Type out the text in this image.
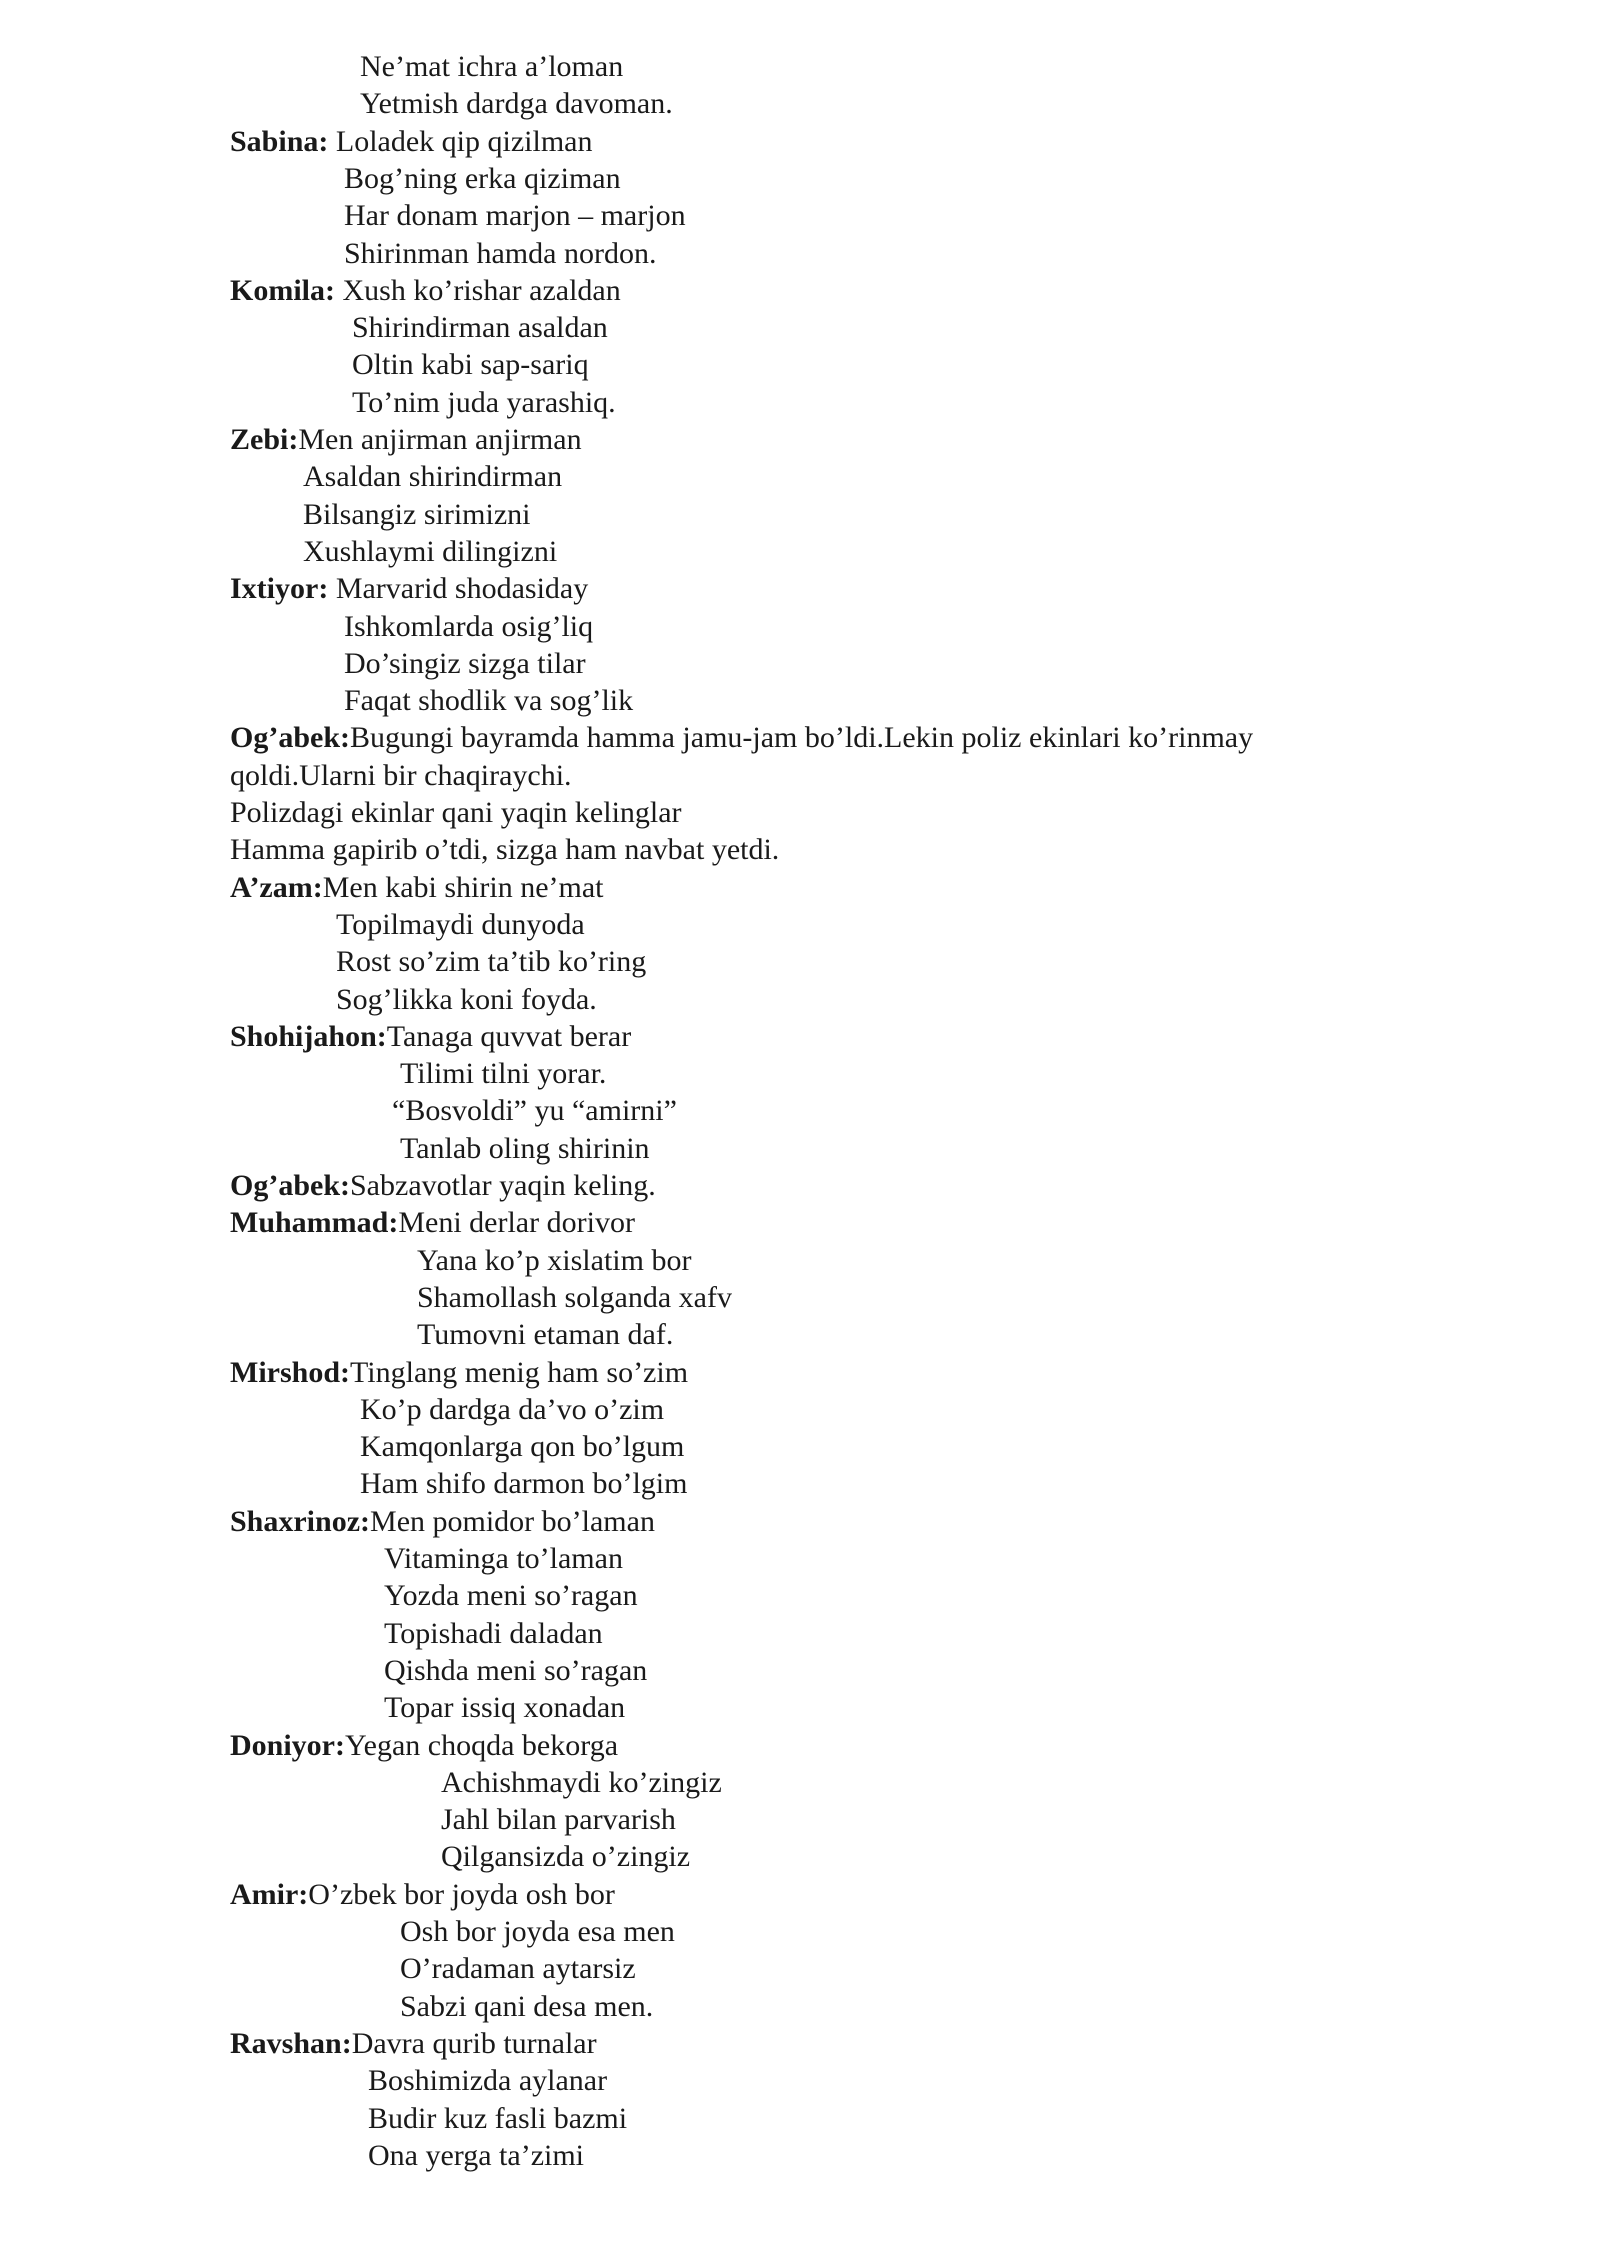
Ne’mat ichra a’loman
Yetmish dardga davoman.
Sabina: Loladek qip qizilman
Bog’ning erka qiziman
Har donam marjon – marjon
Shirinman hamda nordon.
Komila: Xush ko’rishar azaldan
Shirindirman asaldan
Oltin kabi sap-sariq
To’nim juda yarashiq.
Zebi:Men anjirman anjirman
Asaldan shirindirman
Bilsangiz sirimizni
Xushlaymi dilingizni
Ixtiyor: Marvarid shodasiday
Ishkomlarda osig’liq
Do’singiz sizga tilar
Faqat shodlik va sog’lik
Og’abek:Bugungi bayramda hamma jamu-jam bo’ldi.Lekin poliz ekinlari ko’rinmay
qoldi.Ularni bir chaqiraychi.
Polizdagi ekinlar qani yaqin kelinglar
Hamma gapirib o’tdi, sizga ham navbat yetdi.
A’zam:Men kabi shirin ne’mat
Topilmaydi dunyoda
Rost so’zim ta’tib ko’ring
Sog’likka koni foyda.
Shohijahon:Tanaga quvvat berar
Tilimi tilni yorar.
“Bosvoldi” yu “amirni”
Tanlab oling shirinin
Og’abek:Sabzavotlar yaqin keling.
Muhammad:Meni derlar dorivor
Yana ko’p xislatim bor
Shamollash solganda xafv
Tumovni etaman daf.
Mirshod:Tinglang menig ham so’zim
Ko’p dardga da’vo o’zim
Kamqonlarga qon bo’lgum
Ham shifo darmon bo’lgim
Shaxrinoz:Men pomidor bo’laman
Vitaminga to’laman
Yozda meni so’ragan
Topishadi daladan
Qishda meni so’ragan
Topar issiq xonadan
Doniyor:Yegan choqda bekorga
Achishmaydi ko’zingiz
Jahl bilan parvarish
Qilgansizda o’zingiz
Amir:O’zbek bor joyda osh bor
Osh bor joyda esa men
O’radaman aytarsiz
Sabzi qani desa men.
Ravshan:Davra qurib turnalar
Boshimizda aylanar
Budir kuz fasli bazmi
Ona yerga ta’zimi
